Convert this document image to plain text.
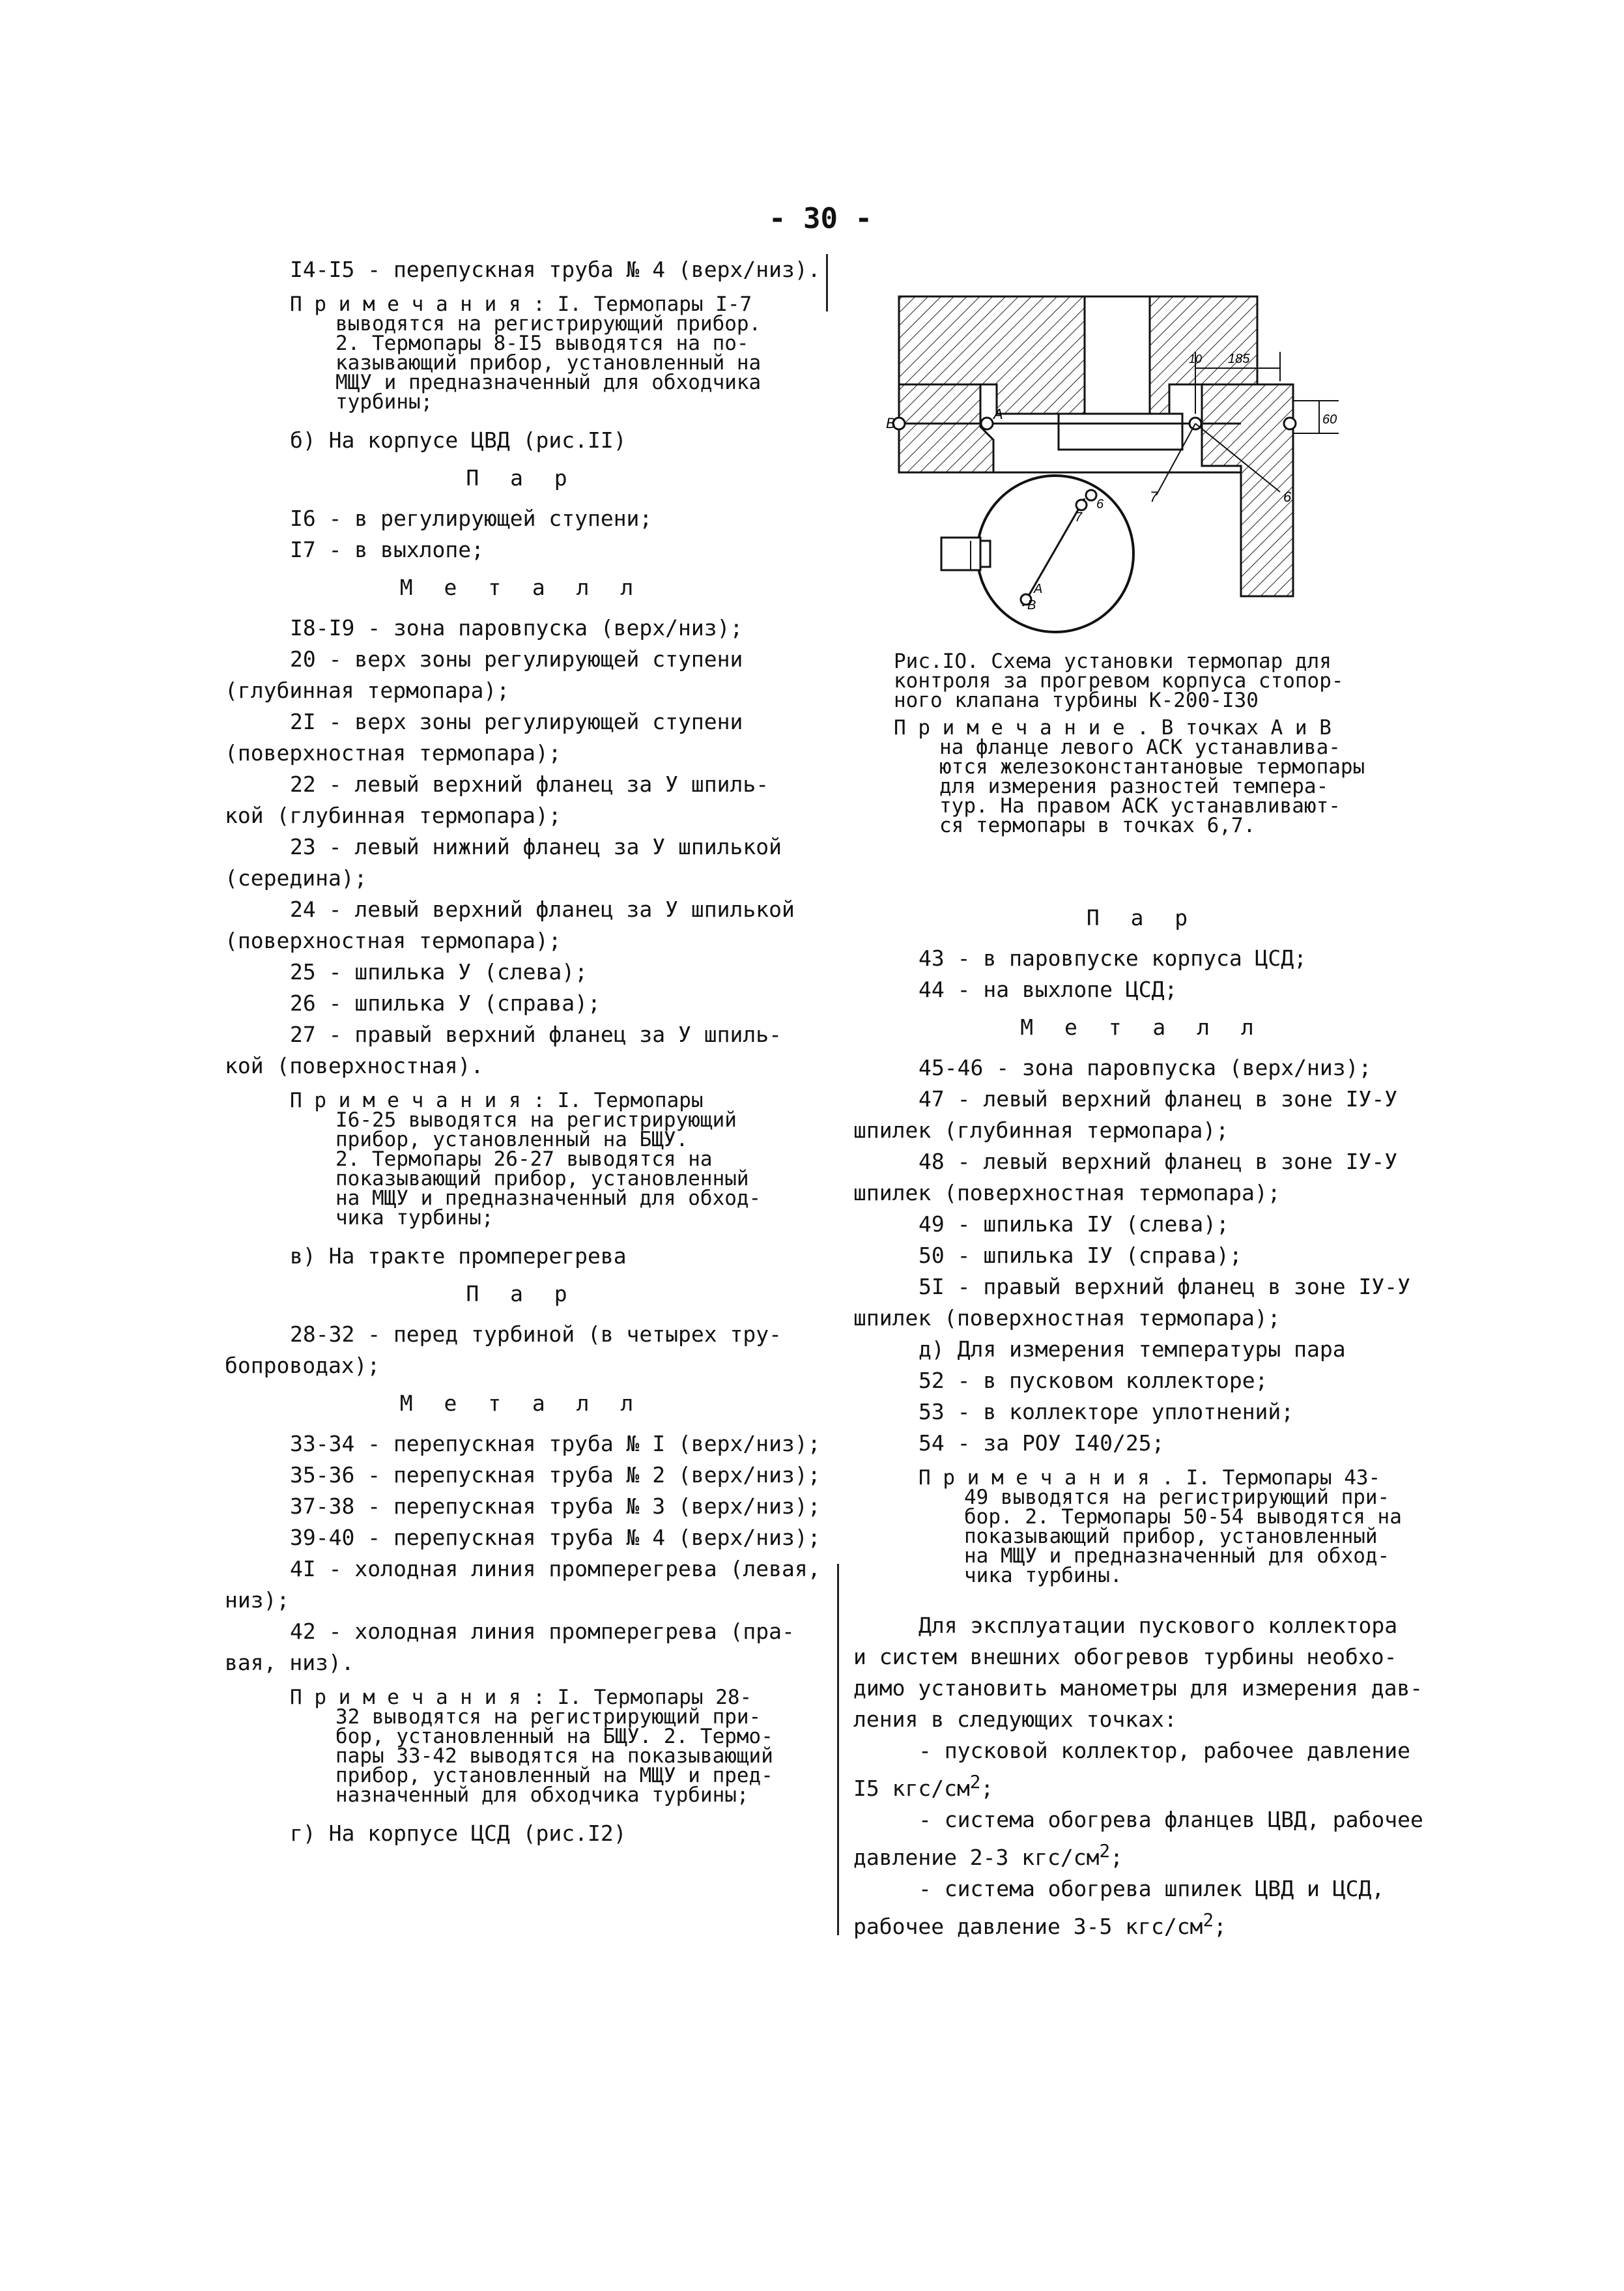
- 30 -
I4-I5 - перепускная труба № 4 (верх/низ).
П р и м е ч а н и я : I. Термопары I-7
выводятся на регистрирующий прибор.
2. Термопары 8-I5 выводятся на по-
казывающий прибор, установленный на
МЩУ и предназначенный для обходчика
турбины;
б) На корпусе ЦВД (рис.II)
П а р
I6 - в регулирующей ступени;
I7 - в выхлопе;
М е т а л л
I8-I9 - зона паровпуска (верх/низ);
20 - верх зоны регулирующей ступени
(глубинная термопара);
2I - верх зоны регулирующей ступени
(поверхностная термопара);
22 - левый верхний фланец за У шпиль-
кой (глубинная термопара);
23 - левый нижний фланец за У шпилькой
(середина);
24 - левый верхний фланец за У шпилькой
(поверхностная термопара);
25 - шпилька У (слева);
26 - шпилька У (справа);
27 - правый верхний фланец за У шпиль-
кой (поверхностная).
П р и м е ч а н и я : I. Термопары
I6-25 выводятся на регистрирующий
прибор, установленный на БЩУ.
2. Термопары 26-27 выводятся на
показывающий прибор, установленный
на МЩУ и предназначенный для обход-
чика турбины;
в) На тракте промперегрева
П а р
28-32 - перед турбиной (в четырех тру-
бопроводах);
М е т а л л
33-34 - перепускная труба № I (верх/низ);
35-36 - перепускная труба № 2 (верх/низ);
37-38 - перепускная труба № 3 (верх/низ);
39-40 - перепускная труба № 4 (верх/низ);
4I - холодная линия промперегрева (левая,
низ);
42 - холодная линия промперегрева (пра-
вая, низ).
П р и м е ч а н и я : I. Термопары 28-
32 выводятся на регистрирующий при-
бор, установленный на БЩУ. 2. Термо-
пары 33-42 выводятся на показывающий
прибор, установленный на МЩУ и пред-
назначенный для обходчика турбины;
г) На корпусе ЦСД (рис.I2)
185
10
60
В
А
7	6
А
В
7
6
Рис.IO. Схема установки термопар для
контроля за прогревом корпуса стопор-
ного клапана турбины К-200-I30
П р и м е ч а н и е . В точках А и В
на фланце левого АСК устанавлива-
ются железоконстантановые термопары
для измерения разностей темпера-
тур. На правом АСК устанавливают-
ся термопары в точках 6,7.
П а р
43 - в паровпуске корпуса ЦСД;
44 - на выхлопе ЦСД;
М е т а л л
45-46 - зона паровпуска (верх/низ);
47 - левый верхний фланец в зоне IУ-У
шпилек (глубинная термопара);
48 - левый верхний фланец в зоне IУ-У
шпилек (поверхностная термопара);
49 - шпилька IУ (слева);
50 - шпилька IУ (справа);
5I - правый верхний фланец в зоне IУ-У
шпилек (поверхностная термопара);
д) Для измерения температуры пара
52 - в пусковом коллекторе;
53 - в коллекторе уплотнений;
54 - за РОУ I40/25;
П р и м е ч а н и я . I. Термопары 43-
49 выводятся на регистрирующий при-
бор. 2. Термопары 50-54 выводятся на
показывающий прибор, установленный
на МЩУ и предназначенный для обход-
чика турбины.
Для эксплуатации пускового коллектора
и систем внешних обогревов турбины необхо-
димо установить манометры для измерения дав-
ления в следующих точках:
- пусковой коллектор, рабочее давление
I5 кгс/$см^2$;
- система обогрева фланцев ЦВД, рабочее
давление 2-3 кгс/$см^2$;
- система обогрева шпилек ЦВД и ЦСД,
рабочее давление 3-5 кгс/$см^2$;
